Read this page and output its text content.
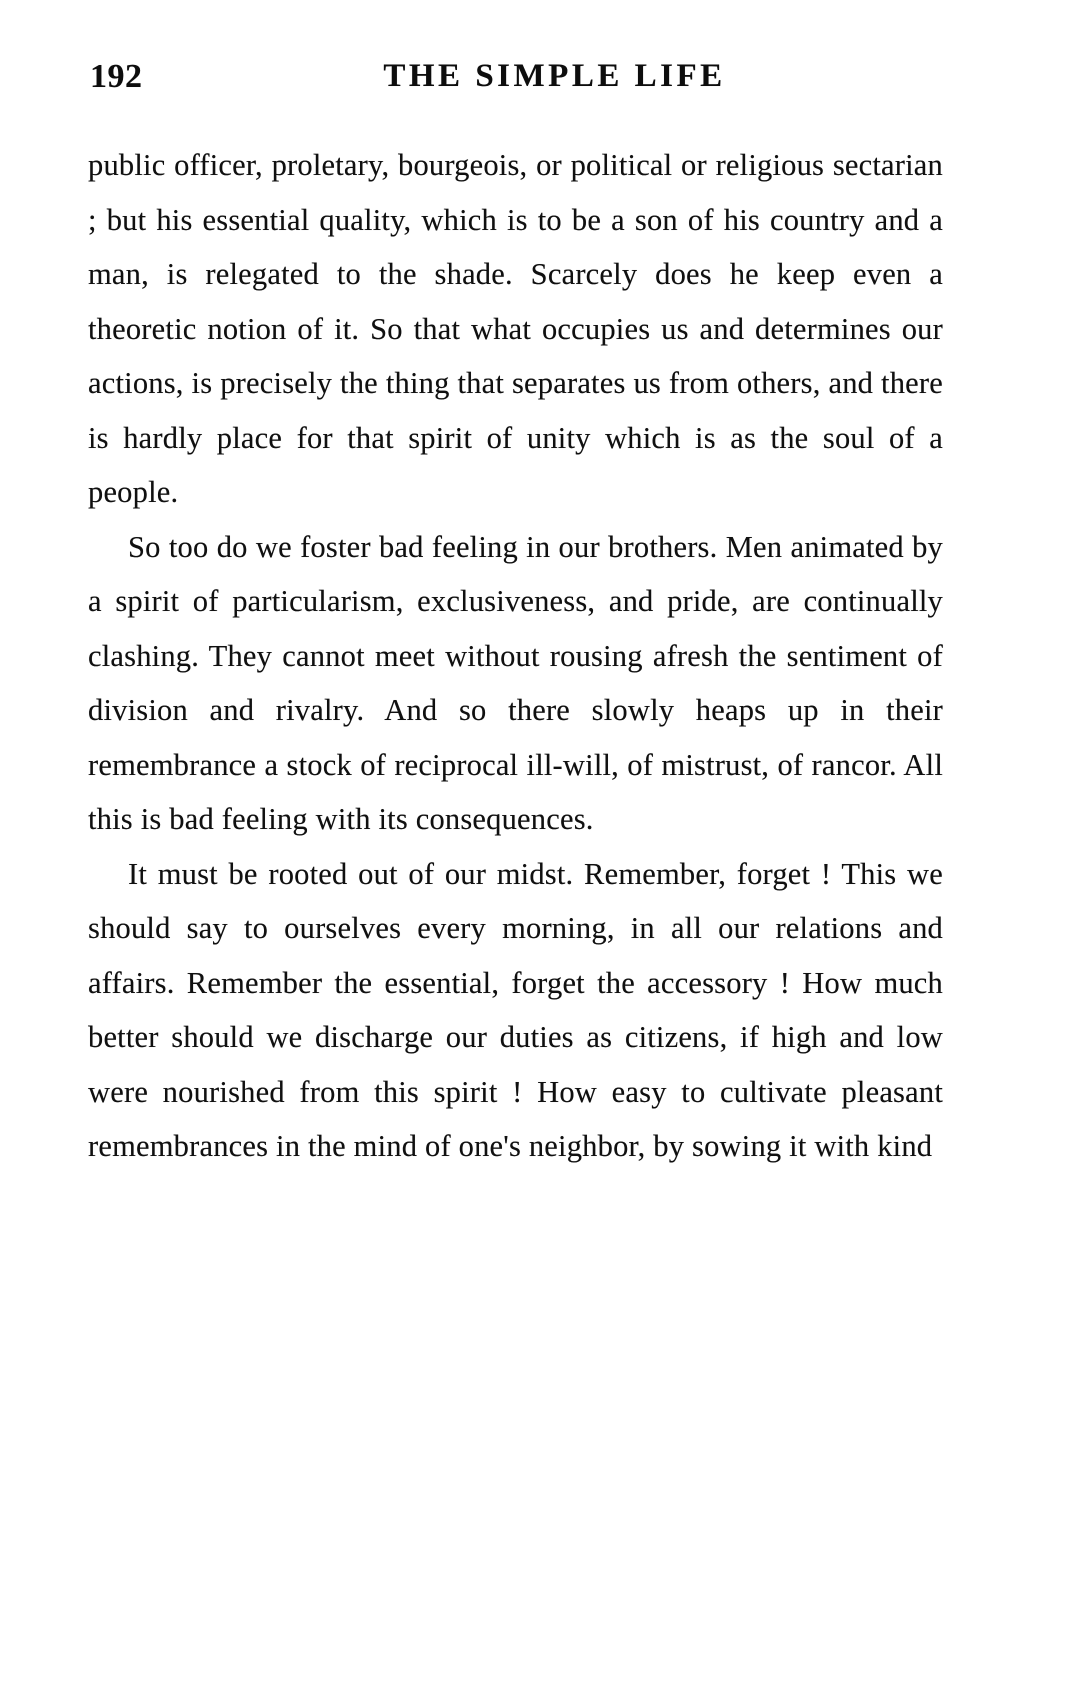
192	THE SIMPLE LIFE

public officer, proletary, bourgeois, or political or religious sectarian ; but his essential quality, which is to be a son of his country and a man, is relegated to the shade. Scarcely does he keep even a theoretic notion of it. So that what occupies us and determines our actions, is precisely the thing that separates us from others, and there is hardly place for that spirit of unity which is as the soul of a people.

So too do we foster bad feeling in our brothers. Men animated by a spirit of particularism, exclusiveness, and pride, are continually clashing. They cannot meet without rousing afresh the sentiment of division and rivalry. And so there slowly heaps up in their remembrance a stock of reciprocal ill-will, of mistrust, of rancor. All this is bad feeling with its consequences.

It must be rooted out of our midst. Remember, forget ! This we should say to ourselves every morning, in all our relations and affairs. Remember the essential, forget the accessory ! How much better should we discharge our duties as citizens, if high and low were nourished from this spirit ! How easy to cultivate pleasant remembrances in the mind of one's neighbor, by sowing it with kind
